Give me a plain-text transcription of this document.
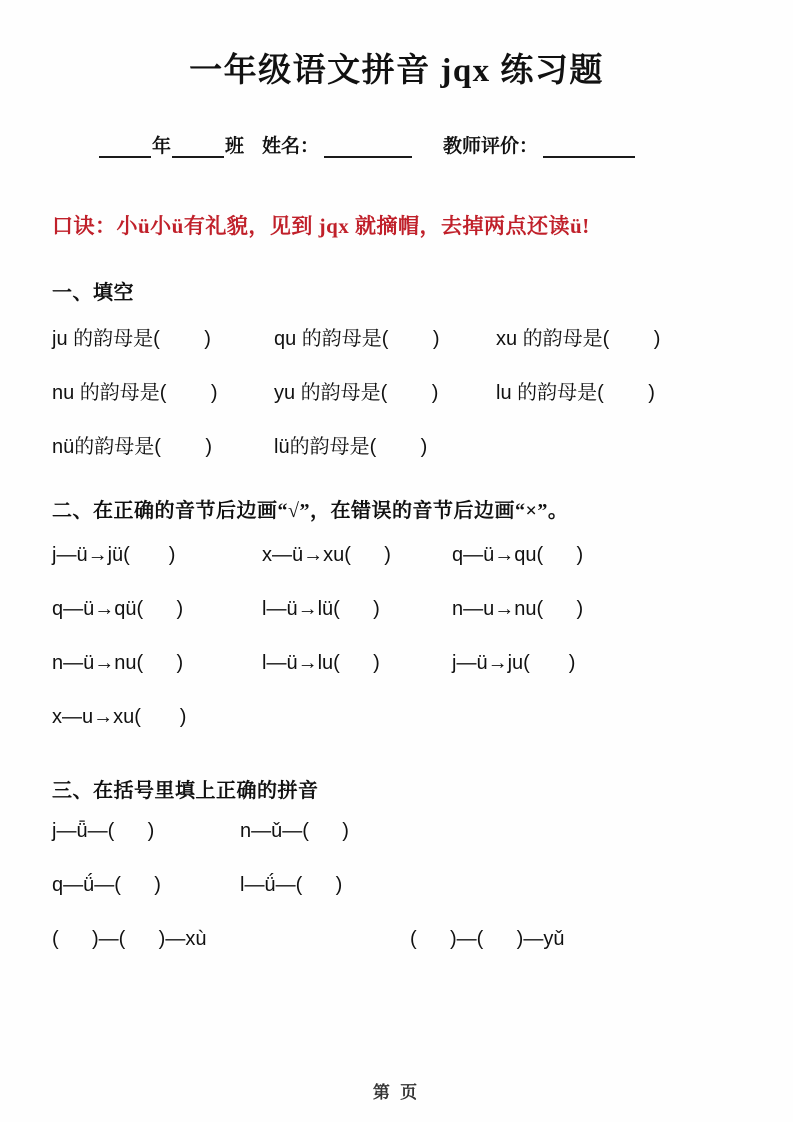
一年级语文拼音 jqx 练习题
年	班 姓名：	教师评价：
口诀：小ü小ü有礼貌，见到 jqx 就摘帽，去掉两点还读ü!
一、填空
ju 的韵母是(        )	qu 的韵母是(        )	xu 的韵母是(        )
nu 的韵母是(        )	yu 的韵母是(        )	lu 的韵母是(        )
nü的韵母是(        )	lü的韵母是(        )
二、在正确的音节后边画“√”，在错误的音节后边画“×”。
j—ü→jü(       )	x—ü→xu(      )	q—ü→qu(      )
q—ü→qü(      )	l—ü→lü(      )	n—u→nu(      )
n—ü→nu(      )	l—ü→lu(      )	j—ü→ju(       )
x—u→xu(       )
三、在括号里填上正确的拼音
j—ǖ—(      )	n—ǔ—(      )
q—ǘ—(      )	l—ǘ—(      )
(      )—(      )—xù	(      )—(      )—yǔ
第 页
